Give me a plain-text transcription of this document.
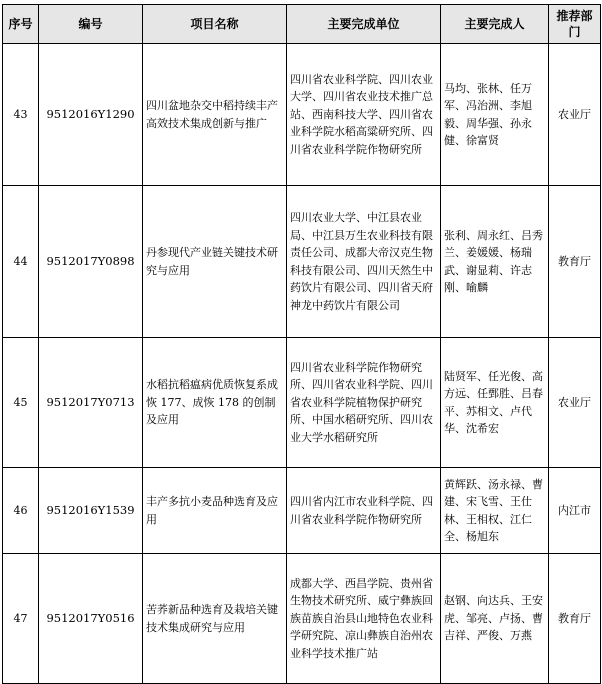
序号	编号	项目名称	主要完成单位	主要完成人	推荐部门
43	9512016Y1290	四川盆地杂交中稻持续丰产高效技术集成创新与推广	四川省农业科学院、四川农业大学、四川省农业技术推广总站、西南科技大学、四川省农业科学院水稻高粱研究所、四川省农业科学院作物研究所	马均、张林、任万军、冯治洲、李旭毅、周华强、孙永健、徐富贤	农业厅
44	9512017Y0898	丹参现代产业链关键技术研究与应用	四川农业大学、中江县农业局、中江县万生农业科技有限责任公司、成都大帝汉克生物科技有限公司、四川天然生中药饮片有限公司、四川省天府神龙中药饮片有限公司	张利、周永红、吕秀兰、姜媛媛、杨瑞武、谢显莉、许志刚、喻麟	教育厅
45	9512017Y0713	水稻抗稻瘟病优质恢复系成恢 177、成恢 178 的创制及应用	四川省农业科学院作物研究所、四川省农业科学院、四川省农业科学院植物保护研究所、中国水稻研究所、四川农业大学水稻研究所	陆贤军、任光俊、高方远、任鄄胜、吕春平、苏相文、卢代华、沈希宏	农业厅
46	9512016Y1539	丰产多抗小麦品种选育及应用	四川省内江市农业科学院、四川省农业科学院作物研究所	黄辉跃、汤永禄、曹建、宋飞雪、王仕林、王相权、江仁全、杨旭东	内江市
47	9512017Y0516	苦荞新品种选育及栽培关键技术集成研究与应用	成都大学、西昌学院、贵州省生物技术研究所、威宁彝族回族苗族自治县山地特色农业科学研究院、凉山彝族自治州农业科学技术推广站	赵钢、向达兵、王安虎、邹亮、卢扬、曹吉祥、严俊、万燕	教育厅
